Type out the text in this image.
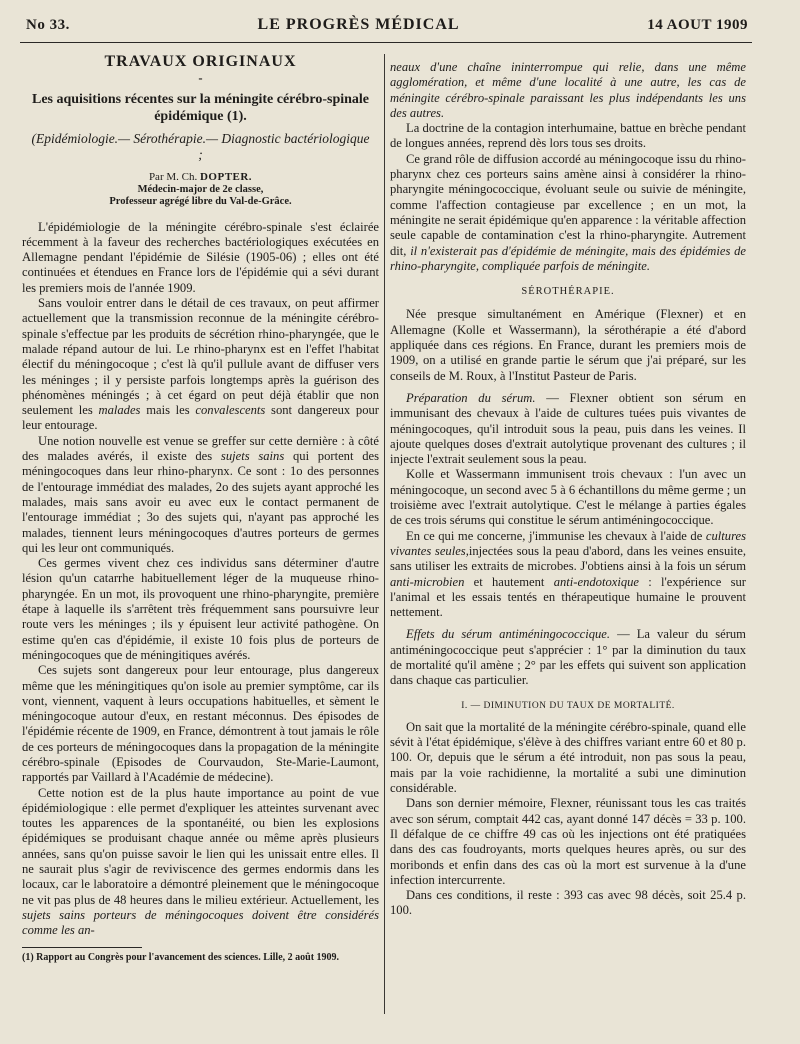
No 33.	LE PROGRÈS MÉDICAL	14 AOUT 1909
TRAVAUX ORIGINAUX
-
Les aquisitions récentes sur la méningite cérébro-spinale épidémique (1).
(Epidémiologie.— Sérothérapie.— Diagnostic bactériologique ;
Par M. Ch. DOPTER.
Médecin-major de 2e classe,
Professeur agrégé libre du Val-de-Grâce.

L'épidémiologie de la méningite cérébro-spinale s'est éclairée récemment à la faveur des recherches bactériologiques exécutées en Allemagne pendant l'épidémie de Silésie (1905-06) ; elles ont été continuées et étendues en France lors de l'épidémie qui a sévi durant les premiers mois de l'année 1909.

Sans vouloir entrer dans le détail de ces travaux, on peut affirmer actuellement que la transmission reconnue de la méningite cérébro-spinale s'effectue par les produits de sécrétion rhino-pharyngée, que le malade répand autour de lui. Le rhino-pharynx est en l'effet l'habitat électif du méningocoque ; c'est là qu'il pullule avant de diffuser vers les méninges ; il y persiste parfois longtemps après la guérison des phénomènes méningés ; à cet égard on peut déjà établir que non seulement les malades mais les convalescents sont dangereux pour leur entourage.

Une notion nouvelle est venue se greffer sur cette dernière : à côté des malades avérés, il existe des sujets sains qui portent des méningocoques dans leur rhino-pharynx. Ce sont : 1o des personnes de l'entourage immédiat des malades, 2o des sujets ayant approché les malades, mais sans avoir eu avec eux le contact permanent de l'entourage immédiat ; 3o des sujets qui, n'ayant pas approché les malades, tiennent leurs méningocoques d'autres porteurs de germes qui les leur ont communiqués.

Ces germes vivent chez ces individus sans déterminer d'autre lésion qu'un catarrhe habituellement léger de la muqueuse rhino-pharyngée. En un mot, ils provoquent une rhino-pharyngite, première étape à laquelle ils s'arrêtent très fréquemment sans poursuivre leur route vers les méninges ; ils y épuisent leur activité pathogène. On estime qu'en cas d'épidémie, il existe 10 fois plus de porteurs de méningocoques que de méningitiques avérés.

Ces sujets sont dangereux pour leur entourage, plus dangereux même que les méningitiques qu'on isole au premier symptôme, car ils vont, viennent, vaquent à leurs occupations habituelles, et sèment le méningocoque autour d'eux, en restant méconnus. Des épisodes de l'épidémie récente de 1909, en France, démontrent à tout jamais le rôle de ces porteurs de méningocoques dans la propagation de la méningite cérébro-spinale (Episodes de Courvaudon, Ste-Marie-Laumont, rapportés par Vaillard à l'Académie de médecine).

Cette notion est de la plus haute importance au point de vue épidémiologique : elle permet d'expliquer les atteintes survenant avec toutes les apparences de la spontanéité, ou bien les explosions épidémiques se produisant chaque année ou même après plusieurs années, sans qu'on puisse savoir le lien qui les unissait entre elles. Il ne saurait plus s'agir de reviviscence des germes endormis dans les locaux, car le laboratoire a démontré pleinement que le méningocoque ne vit pas plus de 48 heures dans le milieu extérieur. Actuellement, les sujets sains porteurs de méningocoques doivent être considérés comme les an-

(1) Rapport au Congrès pour l'avancement des sciences. Lille, 2 août 1909.

neaux d'une chaîne ininterrompue qui relie, dans une même agglomération, et même d'une localité à une autre, les cas de méningite cérébro-spinale paraissant les plus indépendants les uns des autres.

La doctrine de la contagion interhumaine, battue en brèche pendant de longues années, reprend dès lors tous ses droits.

Ce grand rôle de diffusion accordé au méningocoque issu du rhino-pharynx chez ces porteurs sains amène ainsi à considérer la rhino-pharyngite méningococcique, évoluant seule ou suivie de méningite, comme l'affection contagieuse par excellence ; en un mot, la méningite ne serait épidémique qu'en apparence : la véritable affection seule capable de contamination c'est la rhino-pharyngite. Autrement dit, il n'existerait pas d'épidémie de méningite, mais des épidémies de rhino-pharyngite, compliquée parfois de méningite.

SÉROTHÉRAPIE.

Née presque simultanément en Amérique (Flexner) et en Allemagne (Kolle et Wassermann), la sérothérapie a été d'abord appliquée dans ces régions. En France, durant les premiers mois de 1909, on a utilisé en grande partie le sérum que j'ai préparé, sur les conseils de M. Roux, à l'Institut Pasteur de Paris.

Préparation du sérum. — Flexner obtient son sérum en immunisant des chevaux à l'aide de cultures tuées puis vivantes de méningocoques, qu'il introduit sous la peau, puis dans les veines. Il ajoute quelques doses d'extrait autolytique provenant des cultures ; il injecte l'extrait seulement sous la peau.

Kolle et Wassermann immunisent trois chevaux : l'un avec un méningocoque, un second avec 5 à 6 échantillons du même germe ; un troisième avec l'extrait autolytique. C'est le mélange à parties égales de ces trois sérums qui constitue le sérum antiméningococcique.

En ce qui me concerne, j'immunise les chevaux à l'aide de cultures vivantes seules,injectées sous la peau d'abord, dans les veines ensuite, sans utiliser les extraits de microbes. J'obtiens ainsi à la fois un sérum anti-microbien et hautement anti-endotoxique : l'expérience sur l'animal et les essais tentés en thérapeutique humaine le prouvent nettement.

Effets du sérum antiméningococcique. — La valeur du sérum antiméningococcique peut s'apprécier : 1° par la diminution du taux de mortalité qu'il amène ; 2° par les effets qui suivent son application dans chaque cas particulier.

I. — DIMINUTION DU TAUX DE MORTALITÉ.

On sait que la mortalité de la méningite cérébro-spinale, quand elle sévit à l'état épidémique, s'élève à des chiffres variant entre 60 et 80 p. 100. Or, depuis que le sérum a été introduit, non pas sous la peau, mais par la voie rachidienne, la mortalité a subi une diminution considérable.

Dans son dernier mémoire, Flexner, réunissant tous les cas traités avec son sérum, comptait 442 cas, ayant donné 147 décès = 33 p. 100. Il défalque de ce chiffre 49 cas où les injections ont été pratiquées dans des cas foudroyants, morts quelques heures après, ou sur des moribonds et enfin dans des cas où la mort est survenue à la d'une infection intercurrente.

Dans ces conditions, il reste : 393 cas avec 98 décès, soit 25.4 p. 100.
